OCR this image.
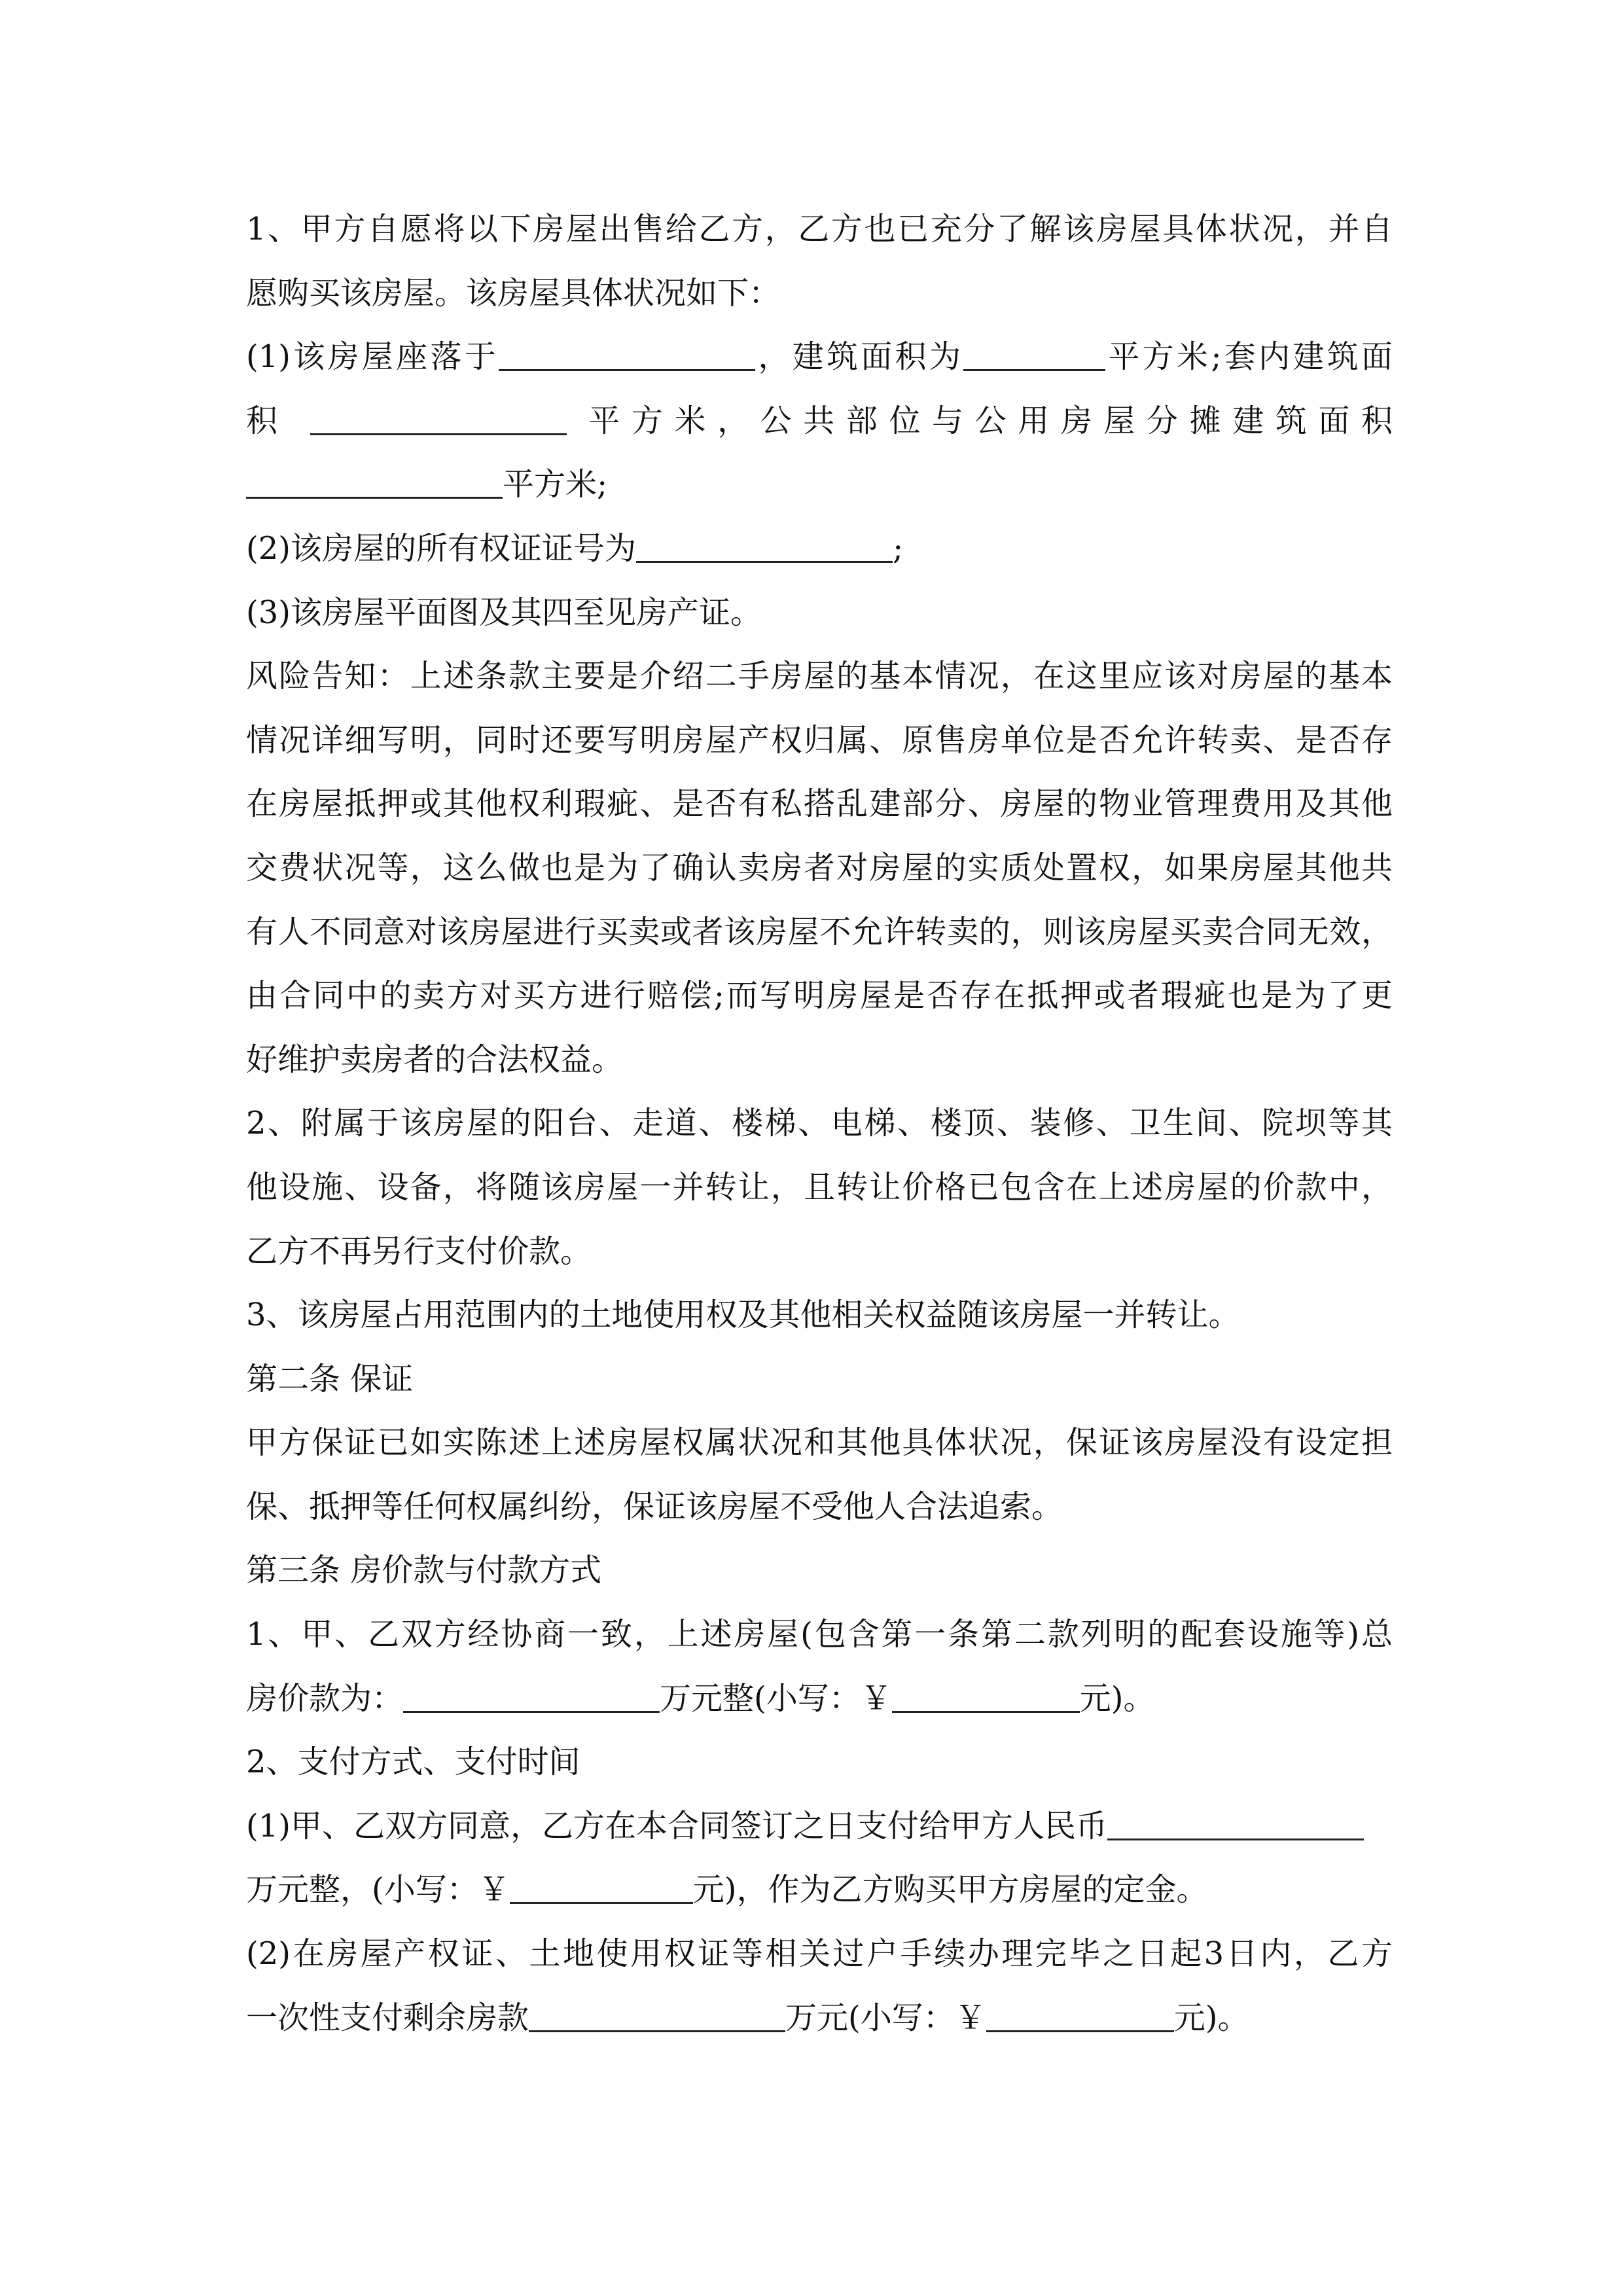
1、甲方自愿将以下房屋出售给乙方，乙方也已充分了解该房屋具体状况，并自
愿购买该房屋。该房屋具体状况如下：
(1)该房屋座落于	，建筑面积为	平方米;套内建筑面
积	平方米，公共部位与公用房屋分摊建筑面积
平方米;
(2)该房屋的所有权证证号为	;
(3)该房屋平面图及其四至见房产证。
风险告知：上述条款主要是介绍二手房屋的基本情况，在这里应该对房屋的基本
情况详细写明，同时还要写明房屋产权归属、原售房单位是否允许转卖、是否存
在房屋抵押或其他权利瑕疵、是否有私搭乱建部分、房屋的物业管理费用及其他
交费状况等，这么做也是为了确认卖房者对房屋的实质处置权，如果房屋其他共
有人不同意对该房屋进行买卖或者该房屋不允许转卖的，则该房屋买卖合同无效，
由合同中的卖方对买方进行赔偿;而写明房屋是否存在抵押或者瑕疵也是为了更
好维护卖房者的合法权益。
2、附属于该房屋的阳台、走道、楼梯、电梯、楼顶、装修、卫生间、院坝等其
他设施、设备，将随该房屋一并转让，且转让价格已包含在上述房屋的价款中，
乙方不再另行支付价款。
3、该房屋占用范围内的土地使用权及其他相关权益随该房屋一并转让。
第二条 保证
甲方保证已如实陈述上述房屋权属状况和其他具体状况，保证该房屋没有设定担
保、抵押等任何权属纠纷，保证该房屋不受他人合法追索。
第三条 房价款与付款方式
1、甲、乙双方经协商一致，上述房屋(包含第一条第二款列明的配套设施等)总
房价款为：	万元整(小写：￥	元)。
2、支付方式、支付时间
(1)甲、乙双方同意，乙方在本合同签订之日支付给甲方人民币
万元整，(小写：￥	元)，作为乙方购买甲方房屋的定金。
(2)在房屋产权证、土地使用权证等相关过户手续办理完毕之日起3日内，乙方
一次性支付剩余房款	万元(小写：￥	元)。
